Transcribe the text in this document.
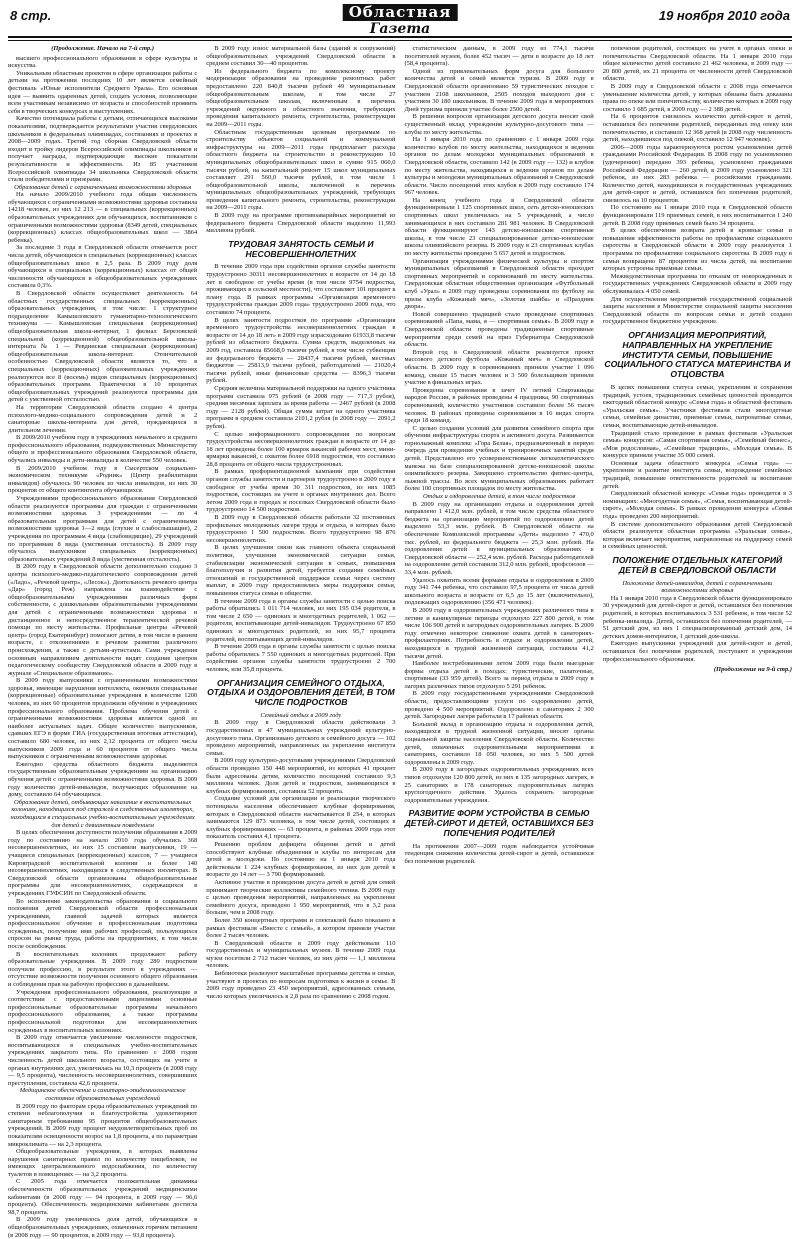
8 стр.	Областная
Газета
19 ноября 2010 года

(Продолжение. Начало на 7-й стр.)

высшего профессионального образования в сфере культуры и искусства.

Уникальным областным проектом в сфере организации работы с детьми на протяжении последних 10 лет является семейный фестиваль «Юные исполнители Среднего Урала». Его основная идея — выявить одаренных детей, создать условия, позволяющие всем участникам независимо от возраста и способностей проявить себя в творческих конкурсах и выступлениях.

Качество потенциала работы с детьми, отличающихся высокими показателями, подтверждается результатами участия свердловских школьников в федеральных олимпиадах, состязаниях и проектах в 2008—2009 годах. Третий год сборная Свердловской области входит в тройку лидеров Всероссийской олимпиады школьников и получает награды, подтверждающие высокие показатели результативности и эффективности. Из 85 участников Всероссийской олимпиады 34 школьника Свердловской области стали победителями и призерами.

Образование детей с ограниченными возможностями здоровья

На начало 2009/2010 учебного года общая численность обучающихся с ограниченными возможностями здоровья составила 14218 человек, из них 12 213 — в специальных (коррекционных) образовательных учреждениях для обучающихся, воспитанников с ограниченными возможностями здоровья (8349 детей, специальных (коррекционных) классах общеобразовательных школ — 3864 ребенка).

За последние 3 года в Свердловской области отмечается рост числа детей, обучающихся в специальных (коррекционных) классах общеобразовательных школ в 2,5 раза. В 2009 году доля обучающихся в специальных (коррекционных) классах от общей численности обучающихся в общеобразовательных учреждениях составила 0,3%.

В Свердловской области осуществляет деятельность 64 областных государственных специальных (коррекционных) образовательных учреждения, в том числе: 1 структурное подразделение Камышловского гуманитарно-технологического техникума — Камышловская специальная (коррекционная) общеобразовательная школа-интернат, 1 филиал Березовской специальной (коррекционной) общеобразовательной школы-интерната № 1 — Ревдинская специальная (коррекционная) общеобразовательная школа-интернат. Отличительной особенностью Свердловской области является то, что в специальных (коррекционных) образовательных учреждениях реализуются все 8 (восемь) видов специальных (коррекционных) образовательных программ. Практически в 10 процентах общеобразовательных учреждений реализуются программы для детей с умственной отсталостью.

На территории Свердловской области создано 4 центра психолого-медико-социального сопровождения детей и 2 санаторные школы-интерната для детей, нуждающихся в длительном лечении.

В 2009/2010 учебном году в учреждениях начального и среднего профессионального образования, подведомственных Министерству общего и профессионального образования Свердловской области, обучались инвалиды и дети-инвалиды в количестве 550 человек.

В 2009/2010 учебном году в Сысертском социально-экономическом техникуме «Родник» (Центр реабилитации инвалидов) обучалось 90 человек из числа инвалидов, из них 30 процентов от общего контингента обучающихся.

Учреждениями профессионального образования Свердловской области реализуются программы для граждан с ограниченными возможностями здоровья. З учреждениями — по 4 образовательным программам для детей с ограниченными возможностями здоровья 1—2 вида (глухие и слабослышащие), 2 учреждения по программам 4 вида (слабовидящие), 29 учреждений по программам 8 вида (умственная отсталость). В 2009 году обучалось выпускников специальных (коррекционных) образовательных учреждений 8 вида (умственная отсталость).

В 2009 году в Свердловской области дополнительно создано 3 центра психолого-медико-педагогического сопровождения детей («Ладо», «Речевой центр», «Лесок»). Деятельность речевого центра «Дар» (город Реж) направлена на взаимодействие с общеобразовательными учреждениями различных форм собственности, с дошкольными образовательными учреждениями для детей с ограниченными возможностями здоровья и дистанционное и непосредственное терапевтической речевой помощи по месту жительства. Профильные центры «Речевой центр» (город Екатеринбург) помогают детям, в том числе в раннем возрасте, с отклонениями в речевом развитии различного происхождения, а также с детьми-аутистами. Сами учреждения основным направлением деятельности видят создание центров педагогическому сообществу Свердловской области в 2009 году в журнале «Специальное образование».

В 2009 году выпускники с ограниченными возможностями здоровья, имеющие нарушения интеллекта, окончили специальные (коррекционные) образовательные учреждения в количестве 1200 человек, из них 60 процентов продолжили обучение в учреждениях профессионального образования. Проблема обучения детей с ограниченными возможностями здоровья является одной из наиболее актуальных задач. Общее количество выпускников, сдавших ЕГЭ в форме ГИА (государственная итоговая аттестация), составило 680 человек, из них 2,12 процента от общего числа выпускников 2009 года и 60 процентов от общего числа выпускников с ограниченными возможностями здоровья.

Ежегодно средства областного бюджета выделяются государственным образовательным учреждениям на организацию обучения детей с ограниченными возможностями здоровья. В 2009 году количество детей-инвалидов, получающих образование на дому, составило 64 обучающихся.

Образование детей, отбывающих наказание в воспитательных колониях, находящихся под стражей в следственных изоляторах, находящихся в специальных учебно-воспитательных учреждениях для детей с девиантным поведением

В целях обеспечения доступности получения образования в 2009 году по состоянию на начало 2010 года обучались 368 несовершеннолетних, из них 15 составили выпускники, 19 — учащиеся специальных (коррекционных) классов, 7 — учащиеся Кировградской воспитательной колонии и более 140 несовершеннолетних, находящихся в следственных изоляторах. В Свердловской области организованы общеобразовательные программы для несовершеннолетних, содержащихся в учреждениях ГУФСИН по Свердловской области.

Во исполнение законодательства образования и социального положения детей Свердловской области профессиональная учреждениями, главной задачей которых является профессиональное обучение и профессиональная подготовка осужденных, получение ими рабочих профессий, пользующихся спросом на рынке труда, работы на предприятиях, в том числе после освобождения.

В воспитательных колониях продолжают работу образовательные учреждения. В 2009 году 280 подростков получили профессию, в результате этого в учреждениях — отсутствие возможности получения основного общего образования и соблюдения прав на рабочую профессию в дальнейшем.

Учреждения профессионального образования, реализующие в соответствии с предоставленными лицензиями основные профессиональные образовательные программы начального профессионального образования, а также программы профессиональной подготовки для несовершеннолетних осужденных в воспитательных колониях.

В 2009 году отмечается увеличение численности подростков, воспитывающихся в специальных учебно-воспитательных учреждениях закрытого типа. По сравнению с 2008 годом численность детей школьного возраста, состоящих на учете в органах внутренних дел, увеличилась на 10,3 процента (в 2008 году — 9,5 процента), численность несовершеннолетних, совершивших преступления, составила 42,6 процента.

Медицинское обеспечение и санитарно-эпидемиологическое состояние образовательных учреждений

В 2009 году по факторам среды образовательных учреждений по степени неблагополучия и благоустройства удовлетворяют санитарным требованиям 95 процентов общеобразовательных учреждений. В 2009 году процент неудовлетворительных проб по показателям освещенности возрос на 1,8 процента, а по параметрам микроклимата — на 2,3 процента.

Общеобразовательные учреждения, в которых выявлены нарушения санитарных правил по количеству пищеблоков, не имеющих централизованного водоснабжения, по количеству туалетов в помещениях — на 3,2 процента.

С 2005 года отмечается положительная динамика обеспеченности образовательных учреждений медицинскими кабинетами (в 2008 году — 94 процента, в 2009 году — 96,6 процента). Обеспеченность медицинскими кабинетами достигла 98,7 процента.

В 2009 году увеличилось доля детей, обучающихся в общеобразовательных учреждениях, охваченных горячим питанием (в 2008 году — 90 процентов, в 2009 году — 93,8 процента).

В 2009 году износ материальной базы (зданий и сооружений) общеобразовательных учреждений Свердловской области в среднем составил 30—40 процентов.

Из федерального бюджета по комплексному проекту модернизации образования на проведение ремонтных работ предоставлено 220 840,8 тысячи рублей 49 муниципальным общеобразовательным школам, в том числе 27 общеобразовательным школам, включенным в перечень учреждений окружного и областного значения, требующих проведения капитального ремонта, строительства, реконструкции на 2009—2011 годы.

Областным государственным целевым программам по строительству объектов социальной и коммунальной инфраструктуры на 2009—2011 годы предполагает расходы областного бюджета на строительство и реконструкцию 10 муниципальных общеобразовательных школ в сумме 915 060,0 тысячи рублей, на капитальный ремонт 15 школ муниципальных составляет 291 560,0 тысячи рублей, в том числе 1 общеобразовательной школы, включенной в перечень муниципальных общеобразовательных учреждений, требующих проведения капитального ремонта, строительства, реконструкции на 2009—2011 годы.

В 2009 году на программе противоаварийных мероприятий из федерального бюджета Свердловской области выделено 11,993 миллиона рублей.

ТРУДОВАЯ ЗАНЯТОСТЬ СЕМЬИ И НЕСОВЕРШЕННОЛЕТНИХ

В течение 2009 года при содействии органов службы занятости трудоустроено 30311 несовершеннолетних в возрасте от 14 до 18 лет в свободное от учебы время (в том числе 9754 подростка, проживающих в сельской местности), что составляет 101 процент к плану года. В рамках программы «Организация временного трудоустройства граждан 2009 года» трудоустроено 2009 года, что составило 74 процента.

В целях занятости подростков по программе «Организация временного трудоустройства несовершеннолетних граждан в возрасте от 14 до 18 лет» в 2009 году израсходовано 61933,8 тысячи рублей из областного бюджета. Сумма средств, выделенных на 2009 год, составила 85668,0 тысячи рублей, в том числе субвенции из федерального бюджета — 28437,4 тысячи рублей, местных бюджетов — 25813,9 тысячи рублей, работодателей — 21020,4 тысячи рублей, иные финансовые средства — 8396,3 тысячи рублей.

Средняя величина материальной поддержки на одного участника программ составила 975 рублей (в 2008 году — 717,3 рубля), средняя месячная зарплата за время работы — 2467 рублей (в 2008 году — 2128 рублей). Общая сумма затрат на одного участника программ в среднем составила 2101,2 рубля (в 2008 году — 2091,2 рубля).

С целью информационного сопровождения по вопросам трудоустройства несовершеннолетних граждан в возрасте от 14 до 18 лет проведены более 100 ярмарок вакансий рабочих мест, мини-ярмарки вакансий, с охватом более 6918 подростков, что составило 28,8 процента от общего числа трудоустроенных.

В рамках профориентационной кампании при содействии органов службы занятости и партнеров трудоустроено в 2009 году в свободное от учебы время 30 311 подростков, из них 1085 подростков, состоящих на учете в органах внутренних дел. Всего летом 2009 года в городах и поселках Свердловской области было трудоустроено 14 500 подростков.

В 2009 году в Свердловской области работали 32 постоянных профильных молодежных лагеря труда и отдыха, в которых было трудоустроено 1 500 подростков. Всего трудоустроено 98 876 несовершеннолетних.

В целях улучшения связи как главного объекта социальной политики, улучшения экономической ситуации семьи, стабилизации экономической ситуации в семьях, повышения благополучия и развития детей, требуется создание семейных отношений и государственной поддержки семьи через систему выплат, в 2009 году предоставлялись меры поддержки семьи, повышения статуса семьи в обществе.

В течение 2009 года в органы службы занятости с целью поиска работы обратились 1 011 714 человек, из них 195 034 родителя, в том числе 2 650 — одиноких и многодетных родителей, 1 062 — родители, воспитывающие детей-инвалидов. Трудоустроено 67 850 одиноких и многодетных родителей, из них 95,7 процента родителей, воспитывающих детей-инвалидов.

В течение 2009 года в органы службы занятости с целью поиска работы обратились 7 550 одиноких и многодетных родителей. При содействии органов службы занятости трудоустроено 2 700 человек, или 35,8 процента.

ОРГАНИЗАЦИЯ СЕМЕЙНОГО ОТДЫХА, ОТДЫХА И ОЗДОРОВЛЕНИЯ ДЕТЕЙ, В ТОМ ЧИСЛЕ ПОДРОСТКОВ

Семейный отдых в 2009 году

В 2009 году в Свердловской области действовали 3 государственных и 47 муниципальных учреждений культурно-досугового типа. Организовано детского и семейного досуга — 102 проведено мероприятий, направленных на укрепление института семьи.

В 2009 году культурно-досуговыми учреждениями Свердловской области проведено 150 448 мероприятий, из которых 41 процент были адресованы детям, количество посещений составило 9,3 миллиона человек. Доля детей и подростков, занимающихся в клубных формированиях, составила 52 процента.

Создание условий для организации и реализации творческого потенциала населения обеспечивают клубные формирования, которых в Свердловской области насчитывается 8 254, в которых занимаются 129 873 человека, в том числе детей, состоящих в клубных формированиях — 63 процента, в районах 2009 года этот показатель составил 4,1 процента.

Решению проблем дефицита общения детей и детей способствуют клубные объединения и клубы по интересам для детей и молодежи. По состоянию на 1 января 2010 года действовали 1 224 клубных формирования, из них для детей в возрасте до 14 лет — 3 790 формирований.

Активное участие в проведении досуга детей и детей для семей принимают творческие коллективы семейного чтения. В 2009 году с целью проведения мероприятий, направленных на укрепление семейного досуга, проведено 1 950 мероприятий, что в 3,2 раза больше, чем в 2008 году.

Более 350 концертных программ и спектаклей было показано в рамках фестиваля «Вместе с семьей», в котором приняли участие более 2 тысяч человек.

В Свердловской области в 2009 году действовали 110 государственных и муниципальных музеев. В течение 2009 года музеи посетили 2 712 тысяч человек, из них дети — 1,1 миллиона человек.

Библиотеки реализуют масштабные программы детства и семьи, участвуют в проектах по вопросам подготовки к жизни в семье. В 2009 году проведено 23 450 мероприятий, адресованных семьям, число которых увеличилось в 2,8 раза по сравнению с 2008 годом.

статистическим данным, в 2009 году из 774,1 тысячи посетителей музеев, более 452 тысяч — дети в возрасте до 18 лет (58,4 процента).

Одной из привлекательных форм досуга для большого количества детей и семей является туризм. В 2009 году в Свердловской области организовано 59 туристических походов с участием 2108 школьников, 2505 походов выходного дня с участием 30 180 школьников. В течение 2009 года в мероприятиях Дней туризма приняли участие более 2500 детей.

В решении вопросов организации детского досуга вносят свой существенный вклад учреждения культурно-досугового типа — клубы по месту жительства.

На 1 января 2010 года по сравнению с 1 января 2009 года количество клубов по месту жительства, находящихся в ведении органов по делам молодежи муниципальных образований в Свердловской области, составило 142 (в 2009 году — 132) и клубов по месту жительства, находящихся в ведении органов по делам культуры и молодежи муниципальных образований в Свердловской области. Число посещений этих клубов в 2009 году составило 174 967 человек.

На конец учебного года в Свердловской области функционировали 1 125 спортивных школ, сеть детско-юношеских спортивных школ увеличилась на 5 учреждений, а число занимающихся в них составило 281 981 человек. В Свердловской области функционируют 143 детско-юношеские спортивные школы, в том числе 23 специализированные детско-юношеские школы олимпийского резерва. В 2009 году в 23 спортивных клубах по месту жительства проведено 5 657 детей и подростков.

Организация учреждениями физической культуры и спортом муниципальных образований в Свердловской области проходит спортивных мероприятий и соревнований по месту жительства. Свердловская областная общественная организация «Футбольный клуб «Урал» в 2009 году проведены соревнования по футболу на призы клуба «Кожаный мяч», «Золотая шайба» и «Праздник двора».

Новой совершенно традицией стало проведение спортивных соревнований «Папа, мама, я — спортивная семья». В 2009 году в Свердловской области проведены традиционные спортивные мероприятия среди семей на приз Губернатора Свердловской области.

Второй год в Свердловской области реализуется проект массового детского футбола «Кожаный мяч» в Свердловской области. В 2009 году в соревнованиях приняли участие 1 096 команд, свыше 15 тысяч человек и 3 500 болельщиков приняли участие в финальных играх.

Проведены соревнования в зачет IV летней Спартакиады народов России, в районах проведены 4 праздника, 90 спортивных соревнований, количество участников составило более 56 тысяч человек. В районах проведены соревнования в 16 видах спорта среди 18 команд.

С целью создания условий для развития семейного спорта при обучении инфраструктуры спорта и активного досуга. Развиваются горнолыжный комплекс «Гора Белая», предназначенный в первую очередь для проведения учебных и тренировочных занятий среди детей. Представлено его усовершенствование легкоатлетического манежа на базе специализированной детско-юношеской школы олимпийского резерва. Завершено строительство фитнес-центра, лыжной трассы. Во всех муниципальных образованиях работает более 100 спортивных площадок по месту жительства.

Отдых и оздоровление детей, в том числе подростков

В 2009 году на организацию отдыха и оздоровления детей направлено 1 412,0 млн. рублей, в том числе средства областного бюджета на организацию мероприятий по оздоровлению детей выделено 53,3 млн. рублей. В Свердловской области на обеспечение Комплексной программы «Дети» выделено 7 470,0 тыс. рублей, из федерального бюджета — 25,3 млн. рублей. На оздоровление детей в муниципальных образованиях в Свердловской области — 252,4 млн. рублей. Расходы работодателей на оздоровление детей составили 312,0 млн. рублей, профсоюзов — 33,4 млн. рублей.

Удалось охватить всеми формами отдыха и оздоровления в 2009 году 341 744 ребенка, что составило 97,5 процента от числа детей школьного возраста в возрасте от 6,5 до 15 лет (включительно), подлежащих оздоровлению (356 471 человек).

В 2009 году в оздоровительных учреждениях различного типа в летние и каникулярные периоды отдохнуло 227 800 детей, в том числе 106 900 детей в загородных оздоровительных лагерях. В 2009 году отмечено некоторое снижение охвата детей в санаториях-профилакториях. Потребность в отдыхе и оздоровлении детей, находящихся в трудной жизненной ситуации, составила 41,2 тысячи детей.

Наиболее востребованными летом 2009 года были выездные формы отдыха детей в походах: туристические, палаточные, спортивные (33 959 детей). Всего за период отдыха в 2009 году в лагерях различных типов отдохнуло 5 291 ребенок.

В 2009 году государственными учреждениями Свердловской области, предоставляющими услуги по оздоровлению детей, проведено 4 500 мероприятий. Оздоровлено в санаториях 2 300 детей. Загородные лагеря работали в 17 районах области.

Большой вклад в организацию отдыха и оздоровления детей, находящихся в трудной жизненной ситуации, вносят органы социальной защиты населения Свердловской области. Количество детей, охваченных оздоровительными мероприятиями в санаториях, составило 18 050 человек, из них 5 500 детей оздоровлены в 2009 году.

В 2009 году в загородных оздоровительных учреждениях всех типов отдохнули 120 800 детей, из них в 135 загородных лагерях, в 25 санаториях и 178 санаторных оздоровительных лагерях круглогодичного действия. Удалось сохранить загородные оздоровительные учреждения.

РАЗВИТИЕ ФОРМ УСТРОЙСТВА В СЕМЬЮ ДЕТЕЙ-СИРОТ И ДЕТЕЙ, ОСТАВШИХСЯ БЕЗ ПОПЕЧЕНИЯ РОДИТЕЛЕЙ

На протяжении 2007—2009 годов наблюдается устойчивая тенденция снижения количества детей-сирот и детей, оставшихся без попечения родителей.

попечения родителей, состоящих на учете в органах опеки и попечительства Свердловской области. На 1 января 2010 года общее количество детей составило 21 462 человека, в 2009 году — 20 800 детей, их 21 процента от численности детей Свердловской области.

В 2009 году в Свердловской области с 2008 года отмечается уменьшение количества детей, у которых обязаны быть доказаны права по опеке или попечительству, количество которых в 2009 году составило 1 685 детей, в 2009 году — 2 388 детей.

На 6 процентов снизилось количество детей-сирот и детей, оставшихся без попечения родителей, переданных под опеку или попечительство, и составило 12 368 детей (в 2008 году численность детей, находившихся под опекой, составило 12 947 человек).

2006—2009 годы характеризуются ростом усыновления детей гражданами Российской Федерации. В 2008 году по усыновлению (удочерению) передано 393 ребенка, усыновлено гражданами Российской Федерации — 260 детей, в 2009 году усыновлено 321 ребенок, из них 283 ребенка — российскими гражданами. Количество детей, находившихся в государственных учреждениях для детей-сирот и детей, оставшихся без попечения родителей, снизилось на 10 процентов.

По состоянию на 1 января 2010 года в Свердловской области функционировали 119 приемных семей, в них воспитывается 1 240 детей. В 2008 году приемных семей было 34 процента.

В целях обеспечения возврата детей в кровные семьи и повышения эффективности работы по профилактике социального сиротства в Свердловской области в 2009 году реализуется 1 программа по профилактике социального сиротства. В 2009 году в семьи возвращено 87 процентов из числа детей, на воспитание которых устроены приемные семьи.

Межведомственная программа по отказам от новорожденных в государственных учреждениях Свердловской области в 2009 году обслуживалась 4 050 семей.

Для осуществления мероприятий государственной социальной защиты населения в Министерстве социальной защиты населения Свердловской области по вопросам семьи и детей создано государственное бюджетное учреждение.

ОРГАНИЗАЦИЯ МЕРОПРИЯТИЙ, НАПРАВЛЕННЫХ НА УКРЕПЛЕНИЕ ИНСТИТУТА СЕМЬИ, ПОВЫШЕНИЕ СОЦИАЛЬНОГО СТАТУСА МАТЕРИНСТВА И ОТЦОВСТВА

В целях повышения статуса семьи, укрепления и сохранения традиций, устоев, традиционных семейных ценностей проводится ежегодный областной конкурс «Семья года» и областной фестиваль «Уральская семья». Участники фестиваля стали многодетные семьи, семейные династии, приемные семьи, патронатные семьи, семьи, воспитывающие детей-инвалидов.

Традицией стало проведение в рамках фестиваля «Уральская семья» конкурсов: «Самая спортивная семья», «Семейный бизнес», «Моя родословная», «Семейные традиции», «Молодая семья». В конкурсе приняли участие 35 000 семей.

Основная задача областного конкурса «Семья года» — укрепление и развитие института семьи, возрождение семейных традиций, повышение ответственности родителей за воспитание детей.

Свердловский областной конкурс «Семья года» проводится в 3 номинациях: «Многодетная семья», «Семья, воспитывающая детей-сирот», «Молодая семья». В рамках проведения конкурса «Семья года» проведено 200 мероприятий.

В системе дополнительного образования детей Свердловской области реализуется областная программа «Уральская семья», которая включает мероприятия, направленные на поддержку семей и семейных ценностей.

ПОЛОЖЕНИЕ ОТДЕЛЬНЫХ КАТЕГОРИЙ ДЕТЕЙ В СВЕРДЛОВСКОЙ ОБЛАСТИ

Положение детей-инвалидов, детей с ограниченными возможностями здоровья

На 1 января 2010 года в Свердловской области функционировало 30 учреждений для детей-сирот и детей, оставшихся без попечения родителей, в которых воспитывалось 3 531 ребенок, в том числе 52 ребенка-инвалида. Детей, оставшихся без попечения родителей, — 51 детский дом, из них 1 специализированный детский дом, 14 детских домов-интернатов, 1 детский дом-школа.

Ежегодно выпускники учреждений для детей-сирот и детей, оставшихся без попечения родителей, поступают в учреждения профессионального образования.

(Продолжение на 9-й стр.)
